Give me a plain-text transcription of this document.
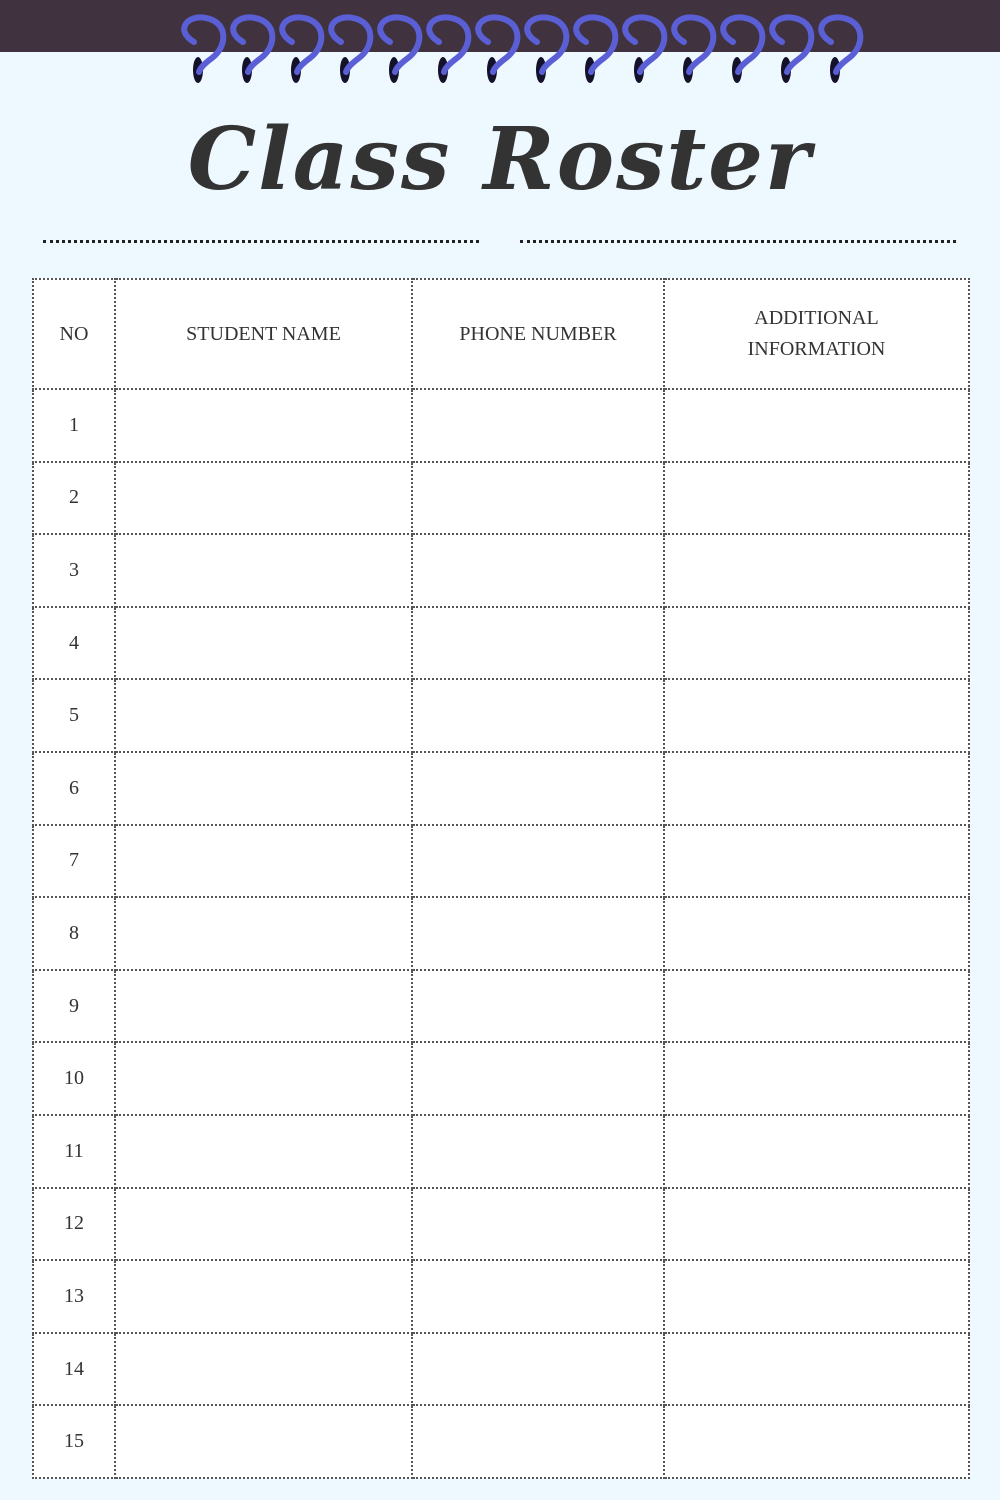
Class Roster
NO	STUDENT NAME	PHONE NUMBER	ADDITIONAL
INFORMATION
1			
2			
3			
4			
5			
6			
7			
8			
9			
10			
11			
12			
13			
14			
15			
